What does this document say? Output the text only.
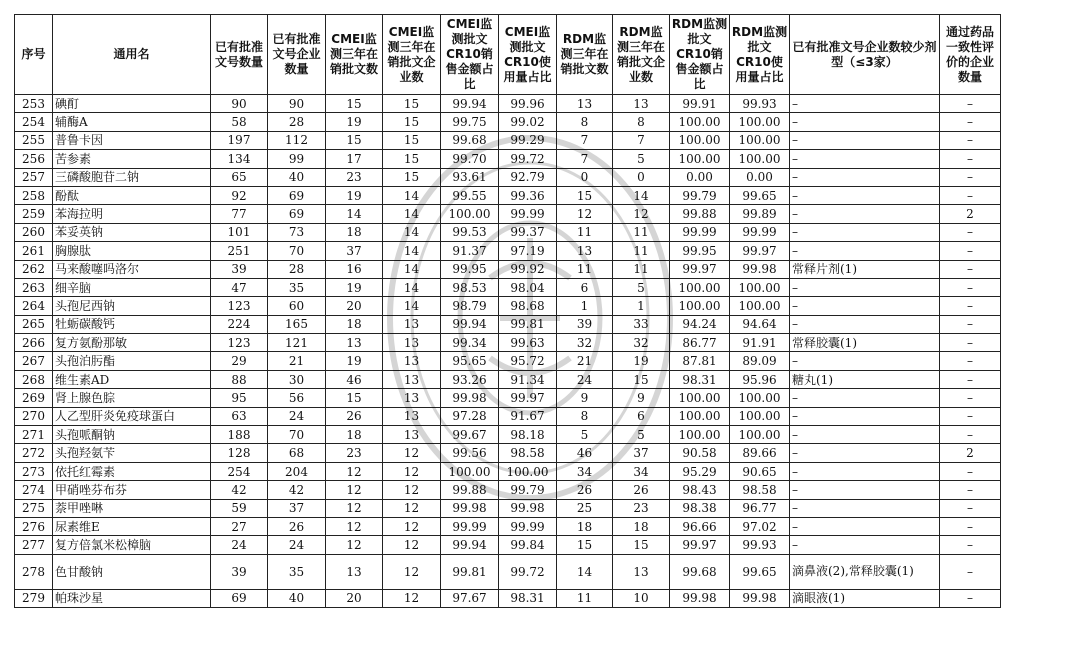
序号	通用名	已有批准文号数量	已有批准文号企业数量	CMEI监测三年在销批文数	CMEI监测三年在销批文企业数	CMEI监测批文CR10销售金额占比	CMEI监测批文CR10使用量占比	RDM监测三年在销批文数	RDM监测三年在销批文企业数	RDM监测批文CR10销售金额占比	RDM监测批文CR10使用量占比	已有批准文号企业数较少剂型（≤3家）	通过药品一致性评价的企业数量
253	碘酊	90	90	15	15	99.94	99.96	13	13	99.91	99.93	–	–
254	辅酶A	58	28	19	15	99.75	99.02	8	8	100.00	100.00	–	–
255	普鲁卡因	197	112	15	15	99.68	99.29	7	7	100.00	100.00	–	–
256	苦参素	134	99	17	15	99.70	99.72	7	5	100.00	100.00	–	–
257	三磷酸胞苷二钠	65	40	23	15	93.61	92.79	0	0	0.00	0.00	–	–
258	酚酞	92	69	19	14	99.55	99.36	15	14	99.79	99.65	–	–
259	苯海拉明	77	69	14	14	100.00	99.99	12	12	99.88	99.89	–	2
260	苯妥英钠	101	73	18	14	99.53	99.37	11	11	99.99	99.99	–	–
261	胸腺肽	251	70	37	14	91.37	97.19	13	11	99.95	99.97	–	–
262	马来酸噻吗洛尔	39	28	16	14	99.95	99.92	11	11	99.97	99.98	常释片剂(1)	–
263	细辛脑	47	35	19	14	98.53	98.04	6	5	100.00	100.00	–	–
264	头孢尼西钠	123	60	20	14	98.79	98.68	1	1	100.00	100.00	–	–
265	牡蛎碳酸钙	224	165	18	13	99.94	99.81	39	33	94.24	94.64	–	–
266	复方氨酚那敏	123	121	13	13	99.34	99.63	32	32	86.77	91.91	常释胶囊(1)	–
267	头孢泊肟酯	29	21	19	13	95.65	95.72	21	19	87.81	89.09	–	–
268	维生素AD	88	30	46	13	93.26	91.34	24	15	98.31	95.96	糖丸(1)	–
269	肾上腺色腙	95	56	15	13	99.98	99.97	9	9	100.00	100.00	–	–
270	人乙型肝炎免疫球蛋白	63	24	26	13	97.28	91.67	8	6	100.00	100.00	–	–
271	头孢哌酮钠	188	70	18	13	99.67	98.18	5	5	100.00	100.00	–	–
272	头孢羟氨苄	128	68	23	12	99.56	98.58	46	37	90.58	89.66	–	2
273	依托红霉素	254	204	12	12	100.00	100.00	34	34	95.29	90.65	–	–
274	甲硝唑芬布芬	42	42	12	12	99.88	99.79	26	26	98.43	98.58	–	–
275	萘甲唑啉	59	37	12	12	99.98	99.98	25	23	98.38	96.77	–	–
276	尿素维E	27	26	12	12	99.99	99.99	18	18	96.66	97.02	–	–
277	复方倍氯米松樟脑	24	24	12	12	99.94	99.84	15	15	99.97	99.93	–	–
278	色甘酸钠	39	35	13	12	99.81	99.72	14	13	99.68	99.65	滴鼻液(2),常释胶囊(1)	–
279	帕珠沙星	69	40	20	12	97.67	98.31	11	10	99.98	99.98	滴眼液(1)	–
